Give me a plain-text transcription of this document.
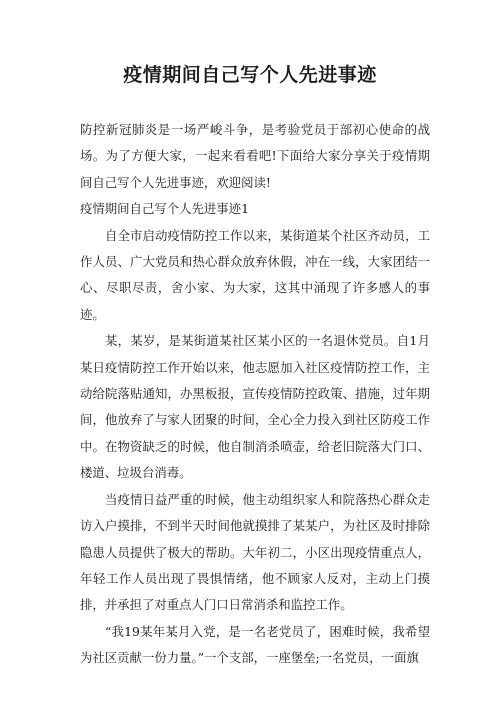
疫情期间自己写个人先进事迹

防控新冠肺炎是一场严峻斗争，是考验党员于部初心使命的战场。为了方便大家，一起来看看吧!下面给大家分享关于疫情期间自己写个人先进事迹，欢迎阅读!

疫情期间自己写个人先进事迹1

自全市启动疫情防控工作以来，某街道某个社区齐动员，工作人员、广大党员和热心群众放弃休假，冲在一线，大家团结一心、尽职尽责，舍小家、为大家，这其中涌现了许多感人的事迹。

某，某岁，是某街道某社区某小区的一名退休党员。自1月某日疫情防控工作开始以来，他志愿加入社区疫情防控工作，主动给院落贴通知，办黑板报，宣传疫情防控政策、措施，过年期间，他放弃了与家人团聚的时间，全心全力投入到社区防疫工作中。在物资缺乏的时候，他自制消杀喷壶，给老旧院落大门口、楼道、垃圾台消毒。

当疫情日益严重的时候，他主动组织家人和院落热心群众走访入户摸排，不到半天时间他就摸排了某某户，为社区及时排除隐患人员提供了极大的帮助。大年初二，小区出现疫情重点人，年轻工作人员出现了畏惧情绪，他不顾家人反对，主动上门摸排，并承担了对重点人门口日常消杀和监控工作。

“我19某年某月入党，是一名老党员了，困难时候，我希望为社区贡献一份力量。”一个支部，一座堡垒;一名党员，一面旗
